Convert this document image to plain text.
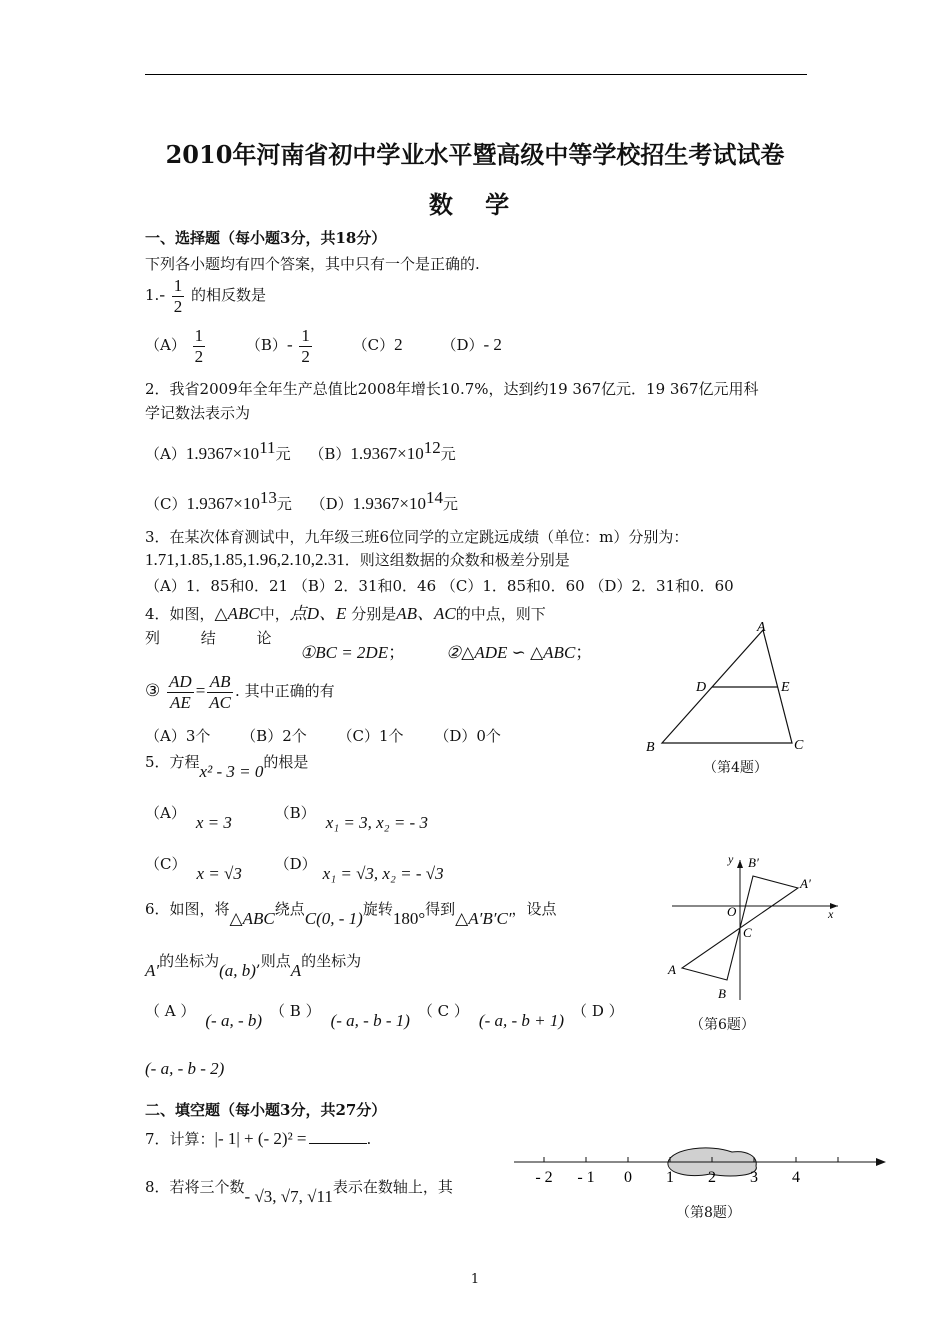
2010年河南省初中学业水平暨高级中等学校招生考试试卷
数 学
一、选择题（每小题3分，共18分）
下列各小题均有四个答案，其中只有一个是正确的.
$1.- \frac{1}{2}$ 的相反数是
$(A) \frac{1}{2}$	$(B)- \frac{1}{2}$	（C）2	（D）- 2
2．我省2009年全年生产总值比2008年增长10.7%，达到约19 367亿元．19 367亿元用科
学记数法表示为
$(A)1.9367\times 10^{11}$元 $(B)1.9367\times 10^{12}$元
$(C)1.9367\times 10^{13}$元 $(D)1.9367\times 10^{14}$元
3．在某次体育测试中，九年级三班6位同学的立定跳远成绩（单位：m）分别为：
1.71,1.85,1.85,1.96,2.10,2.31．则这组数据的众数和极差分别是
（A）1．85和0．21 （B）2．31和0．46 （C）1．85和0．60 （D）2．31和0．60
4．如图，△ABC中，点D、E 分别是AB、AC的中点，则下
列 结 论
①BC = 2DE； ②△ADE ∽ △ABC；
③ $\frac{AD}{AE} = \frac{AB}{AC}$ . 其中正确的有
（A）3个 （B）2个 （C）1个 （D）0个
A
D	E
B	C
（第4题）
5．方程x² - 3 = 0的根是
（A） x = 3	（B） x₁ = 3, x₂ = - 3
（C） x = √3 （D） x₁ = √3, x₂ = - √3
6．如图，将△ABC绕点C(0, - 1)旋转180°得到△A′B′C′，设点
A′的坐标为(a, b),则点A的坐标为
（ A ） (- a, - b) （ B ） (- a, - b - 1) （ C ） (- a, - b + 1) （ D ）
(- a, - b - 2)
y
x
O
C
A
B
A′
B′
（第6题）
二、填空题（每小题3分，共27分）
7．计算：|- 1| + (- 2)² =	.
8．若将三个数- √3, √7, √11表示在数轴上，其
- 2 - 1 0 1 2 3 4
（第8题）
1
